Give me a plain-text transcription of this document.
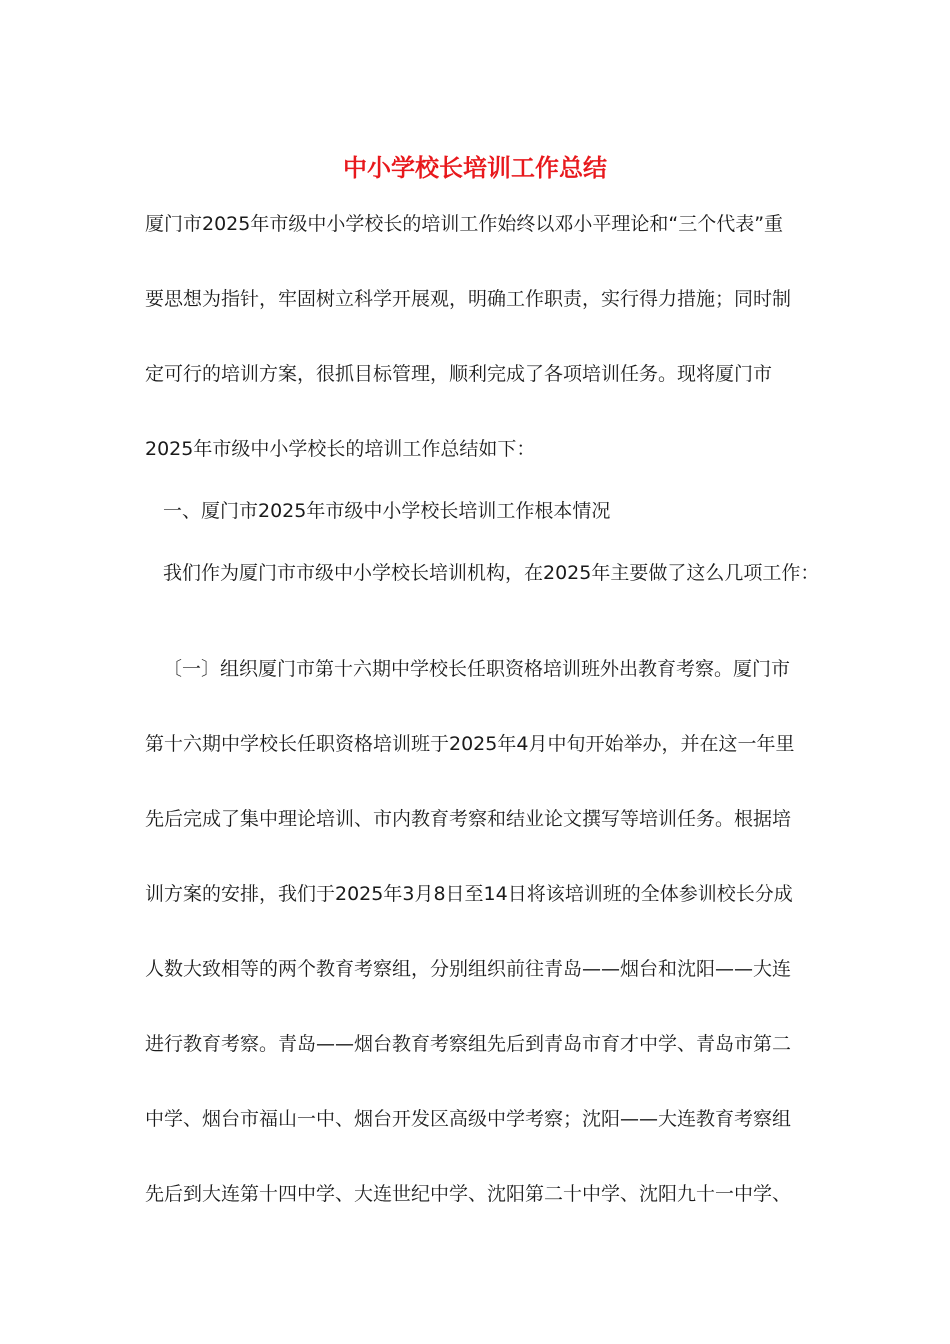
中小学校长培训工作总结

厦门市2025年市级中小学校长的培训工作始终以邓小平理论和“三个代表”重

要思想为指针，牢固树立科学开展观，明确工作职责，实行得力措施；同时制

定可行的培训方案，很抓目标管理，顺利完成了各项培训任务。现将厦门市

2025年市级中小学校长的培训工作总结如下：

一、厦门市2025年市级中小学校长培训工作根本情况

我们作为厦门市市级中小学校长培训机构，在2025年主要做了这么几项工作：

〔一〕组织厦门市第十六期中学校长任职资格培训班外出教育考察。厦门市

第十六期中学校长任职资格培训班于2025年4月中旬开始举办，并在这一年里

先后完成了集中理论培训、市内教育考察和结业论文撰写等培训任务。根据培

训方案的安排，我们于2025年3月8日至14日将该培训班的全体参训校长分成

人数大致相等的两个教育考察组，分别组织前往青岛——烟台和沈阳——大连

进行教育考察。青岛——烟台教育考察组先后到青岛市育才中学、青岛市第二

中学、烟台市福山一中、烟台开发区高级中学考察；沈阳——大连教育考察组

先后到大连第十四中学、大连世纪中学、沈阳第二十中学、沈阳九十一中学、
